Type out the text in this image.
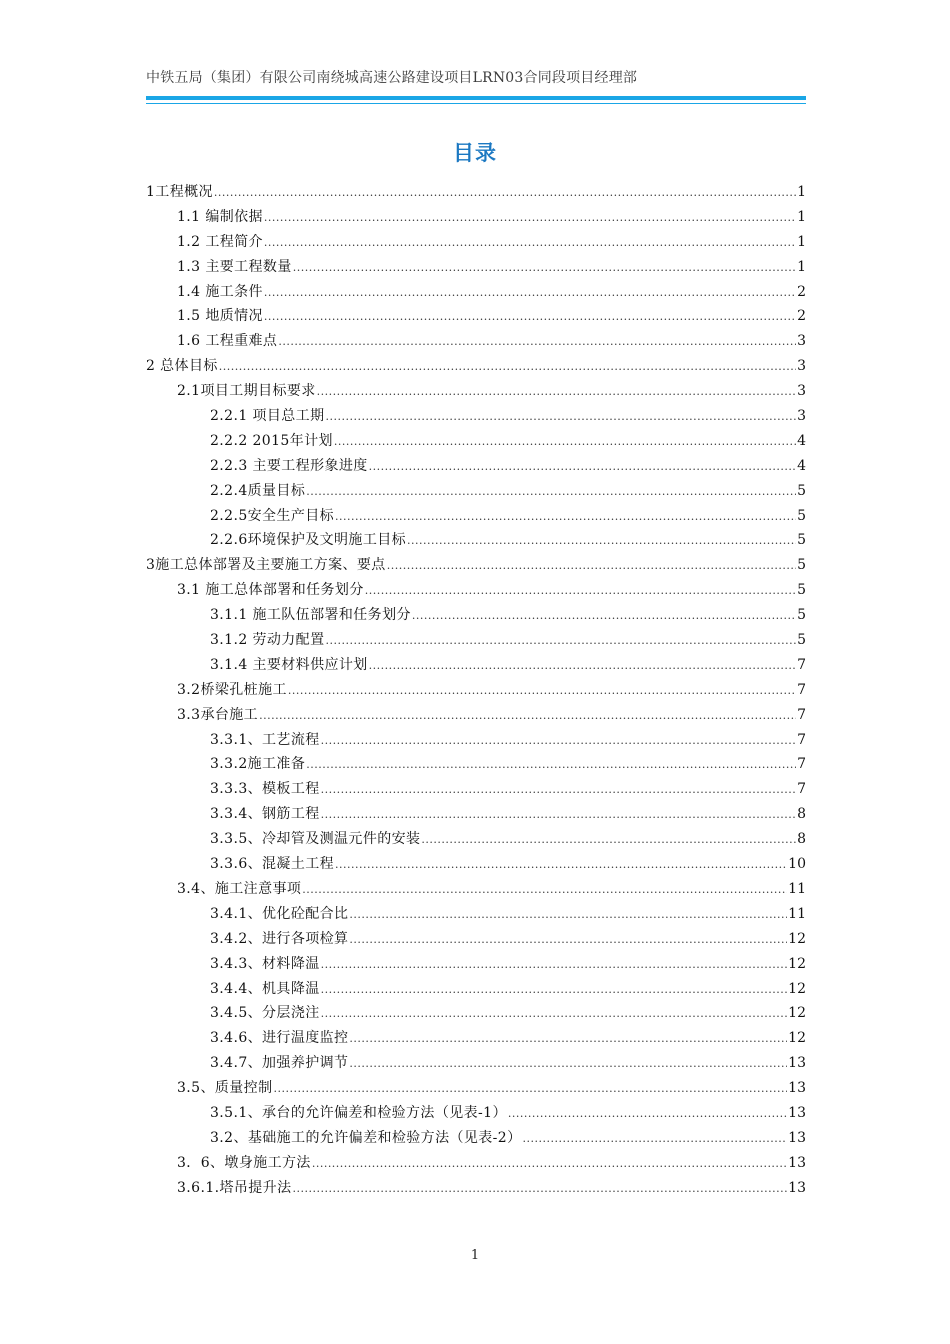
中铁五局（集团）有限公司南绕城高速公路建设项目LRN03合同段项目经理部
目录
1工程概况 .....	1
1.1 编制依据 .....	1
1.2 工程简介 .....	1
1.3 主要工程数量 .....	1
1.4 施工条件 .....	2
1.5 地质情况 .....	2
1.6 工程重难点 .....	3
2 总体目标 .....	3
2.1项目工期目标要求 .....	3
2.2.1 项目总工期 .....	3
2.2.2 2015年计划 .....	4
2.2.3 主要工程形象进度 .....	4
2.2.4质量目标 .....	5
2.2.5安全生产目标 .....	5
2.2.6环境保护及文明施工目标 .....	5
3施工总体部署及主要施工方案、要点 .....	5
3.1 施工总体部署和任务划分 .....	5
3.1.1 施工队伍部署和任务划分 .....	5
3.1.2 劳动力配置 .....	5
3.1.4 主要材料供应计划 .....	7
3.2桥梁孔桩施工 .....	7
3.3承台施工 .....	7
3.3.1、工艺流程 .....	7
3.3.2施工准备 .....	7
3.3.3、模板工程 .....	7
3.3.4、钢筋工程 .....	8
3.3.5、冷却管及测温元件的安装 .....	8
3.3.6、混凝土工程 .....	10
3.4、施工注意事项 .....	11
3.4.1、优化砼配合比 .....	11
3.4.2、进行各项检算 .....	12
3.4.3、材料降温 .....	12
3.4.4、机具降温 .....	12
3.4.5、分层浇注 .....	12
3.4.6、进行温度监控 .....	12
3.4.7、加强养护调节 .....	13
3.5、质量控制 .....	13
3.5.1、承台的允许偏差和检验方法（见表-1） .....	13
3.2、基础施工的允许偏差和检验方法（见表-2） .....	13
3．6、墩身施工方法 .....	13
3.6.1.塔吊提升法 .....	13
1
